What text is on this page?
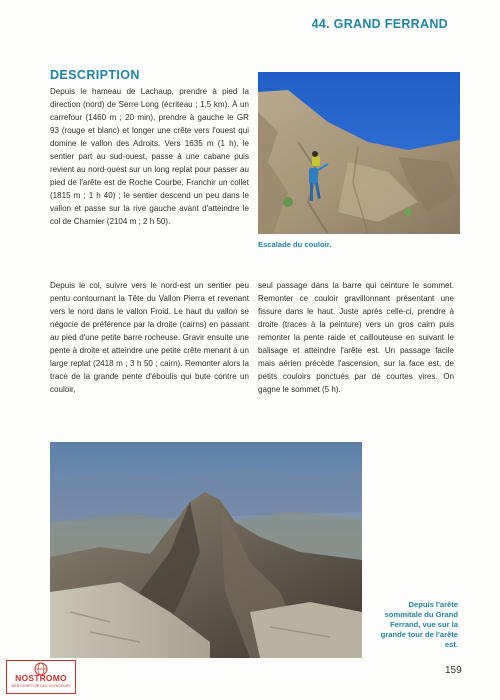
44. GRAND FERRAND
DESCRIPTION

Depuis le hameau de Lachaup, prendre à pied la direction (nord) de Serre Long (écriteau ; 1,5 km). À un carrefour (1460 m ; 20 min), prendre à gauche le GR 93 (rouge et blanc) et longer une crête vers l'ouest qui domine le vallon des Adroits. Vers 1635 m (1 h), le sentier part au sud-ouest, passe à une cabane puis revient au nord-ouest sur un long replat pour passer au pied de l'arête est de Roche Courbe. Franchir un collet (1815 m ; 1 h 40) ; le sentier descend un peu dans le vallon et passe sur la rive gauche avant d'atteindre le col de Charnier (2104 m ; 2 h 50).

Escalade du couloir.

Depuis le col, suivre vers le nord-est un sentier peu pentu contournant la Tête du Vallon Pierra et revenant vers le nord dans le vallon Froid. Le haut du vallon se négocie de préférence par la droite (cairns) en passant au pied d'une petite barre rocheuse. Gravir ensuite une pente à droite et atteindre une petite crête menant à un large replat (2418 m ; 3 h 50 ; cairn). Remonter alors la trace de la grande pente d'éboulis qui bute contre un couloir,

seul passage dans la barre qui ceinture le sommet. Remonter ce couloir gravillonnant présentant une fissure dans le haut. Juste après celle-ci, prendre à droite (traces à la peinture) vers un gros cairn puis remonter la pente raide et caillouteuse en suivant le balisage et atteindre l'arête est. Un passage facile mais aérien précède l'ascension, sur la face est, de petits couloirs ponctués par de courtes vires. On gagne le sommet (5 h).

Depuis l'arête sommitale du Grand Ferrand, vue sur la grande tour de l'arête est.
159
NOSTROMO
WEB COMPTOIR DES VOYAGEURS
